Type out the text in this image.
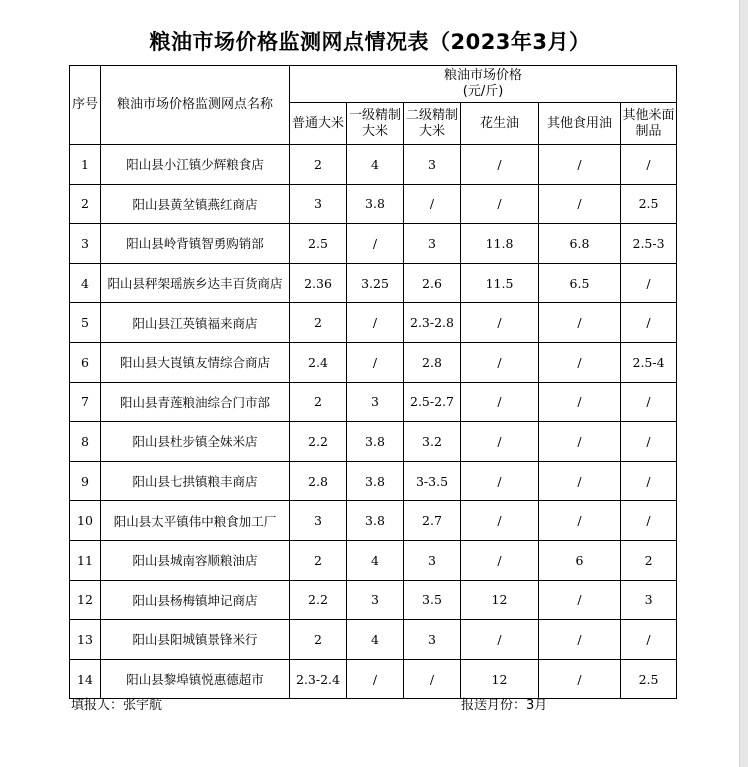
粮油市场价格监测网点情况表（2023年3月）
序号	粮油市场价格监测网点名称	粮油市场价格
(元/斤)					

		普通大米	一级精制大米	二级精制大米	花生油	其他食用油	其他米面制品
1	阳山县小江镇少辉粮食店	2	4	3	/	/	/
2	阳山县黄坌镇燕红商店	3	3.8	/	/	/	2.5
3	阳山县岭背镇智勇购销部	2.5	/	3	11.8	6.8	2.5-3
4	阳山县秤架瑶族乡达丰百货商店	2.36	3.25	2.6	11.5	6.5	/
5	阳山县江英镇福来商店	2	/	2.3-2.8	/	/	/
6	阳山县大崀镇友情综合商店	2.4	/	2.8	/	/	2.5-4
7	阳山县青莲粮油综合门市部	2	3	2.5-2.7	/	/	/
8	阳山县杜步镇全妹米店	2.2	3.8	3.2	/	/	/
9	阳山县七拱镇粮丰商店	2.8	3.8	3-3.5	/	/	/
10	阳山县太平镇伟中粮食加工厂	3	3.8	2.7	/	/	/
11	阳山县城南容顺粮油店	2	4	3	/	6	2
12	阳山县杨梅镇坤记商店	2.2	3	3.5	12	/	3
13	阳山县阳城镇景锋米行	2	4	3	/	/	/
14	阳山县黎埠镇悦惠德超市	2.3-2.4	/	/	12	/	2.5
填报人：张宇航	报送月份：3月
